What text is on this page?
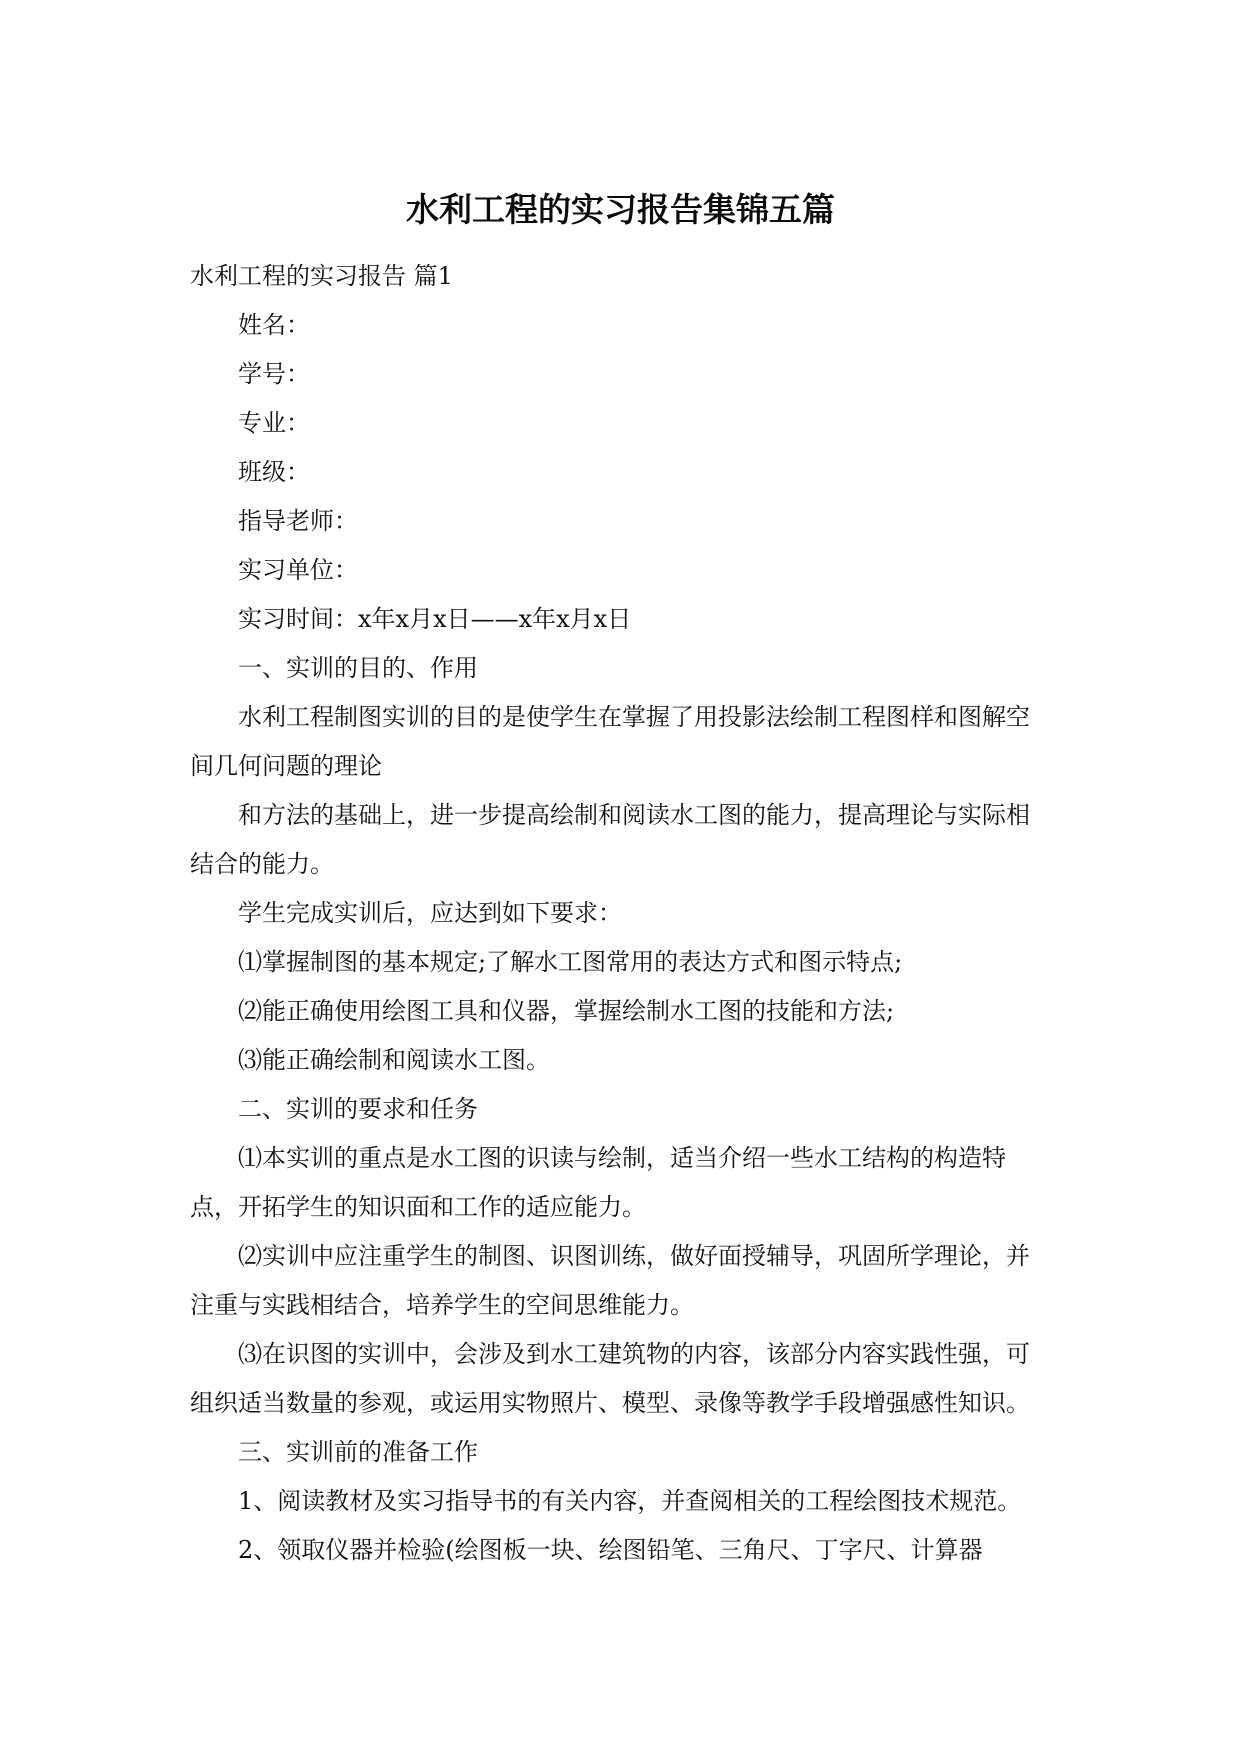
水利工程的实习报告集锦五篇

水利工程的实习报告 篇1

姓名：

学号：

专业：

班级：

指导老师：

实习单位：

实习时间：x年x月x日——x年x月x日

一、实训的目的、作用

水利工程制图实训的目的是使学生在掌握了用投影法绘制工程图样和图解空间几何问题的理论

和方法的基础上，进一步提高绘制和阅读水工图的能力，提高理论与实际相结合的能力。

学生完成实训后，应达到如下要求：

⑴掌握制图的基本规定;了解水工图常用的表达方式和图示特点;

⑵能正确使用绘图工具和仪器，掌握绘制水工图的技能和方法;

⑶能正确绘制和阅读水工图。

二、实训的要求和任务

⑴本实训的重点是水工图的识读与绘制，适当介绍一些水工结构的构造特点，开拓学生的知识面和工作的适应能力。

⑵实训中应注重学生的制图、识图训练，做好面授辅导，巩固所学理论，并注重与实践相结合，培养学生的空间思维能力。

⑶在识图的实训中，会涉及到水工建筑物的内容，该部分内容实践性强，可组织适当数量的参观，或运用实物照片、模型、录像等教学手段增强感性知识。

三、实训前的准备工作

1、阅读教材及实习指导书的有关内容，并查阅相关的工程绘图技术规范。

2、领取仪器并检验(绘图板一块、绘图铅笔、三角尺、丁字尺、计算器
